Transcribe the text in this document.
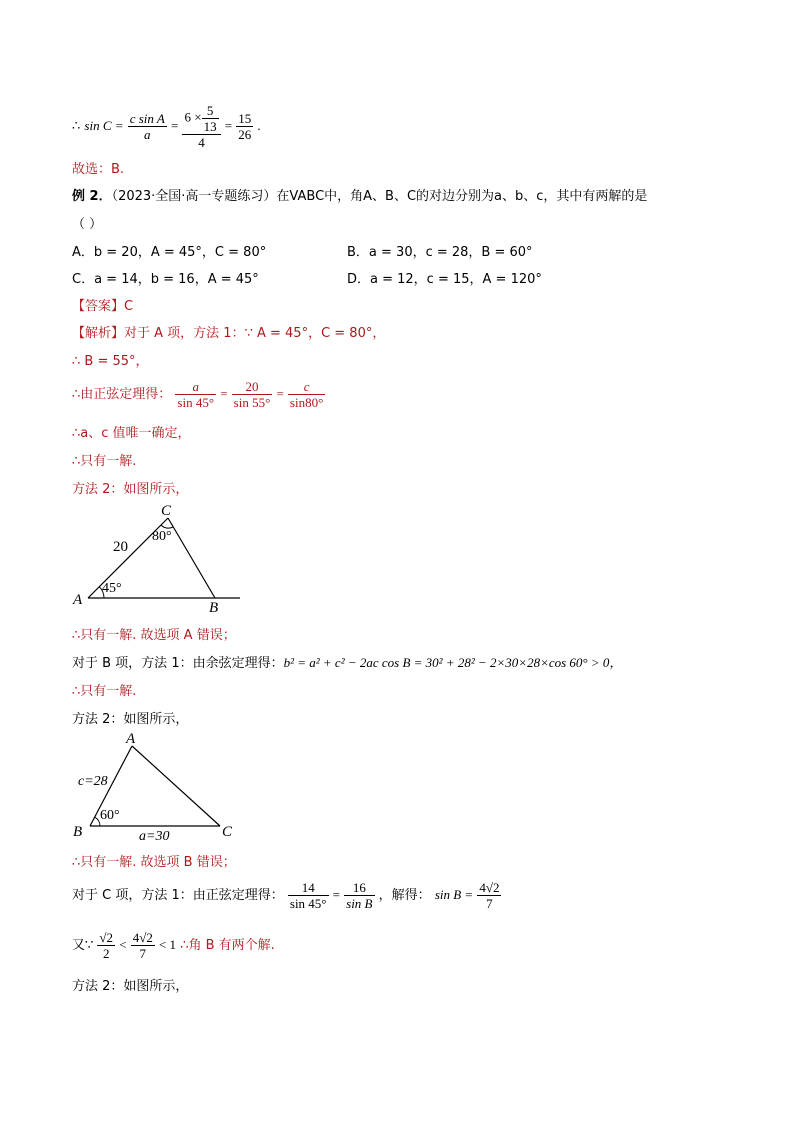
∴ $\sin C = \frac{\text{c sin A}}{a} = \frac{6 \times \frac{5}{13}}{4} = \frac{15}{26}$ .
故选：B.
例 2．（2023·全国·高一专题练习）在VABC中，角A、B、C的对边分别为a、b、c，其中有两解的是
（ ）
A．b = 20，A = 45°，C = 80°	B．a = 30，c = 28，B = 60°
C．a = 14，b = 16，A = 45°	D．a = 12，c = 15，A = 120°
【答案】C
【解析】对于 A 项，方法 1：∵ A = 45°，C = 80°，
∴ B = 55°，
∴由正弦定理得： $\frac{a}{\sin 45^\circ} = \frac{20}{\sin 55^\circ} = \frac{c}{\sin 80^\circ}$
∴a、c 值唯一确定，
∴只有一解.
方法 2：如图所示，
C
A	B
20
80°
45°
∴只有一解. 故选项 A 错误；
对于 B 项，方法 1：由余弦定理得：b² = a² + c² − 2ac cos B = 30² + 28² − 2×30×28×cos 60° > 0，
∴只有一解.
方法 2：如图所示，
A
B	C
c=28
a=30
60°
∴只有一解. 故选项 B 错误；
对于 C 项，方法 1：由正弦定理得： $\frac{14}{\sin 45^\circ} = \frac{16}{\text{sin B}}$ ，解得： $\sin B = \frac{4√2}{7}$
又∵ $\frac{√2}{2} < \frac{4√2}{7} < 1$ ∴角 B 有两个解.
方法 2：如图所示，
